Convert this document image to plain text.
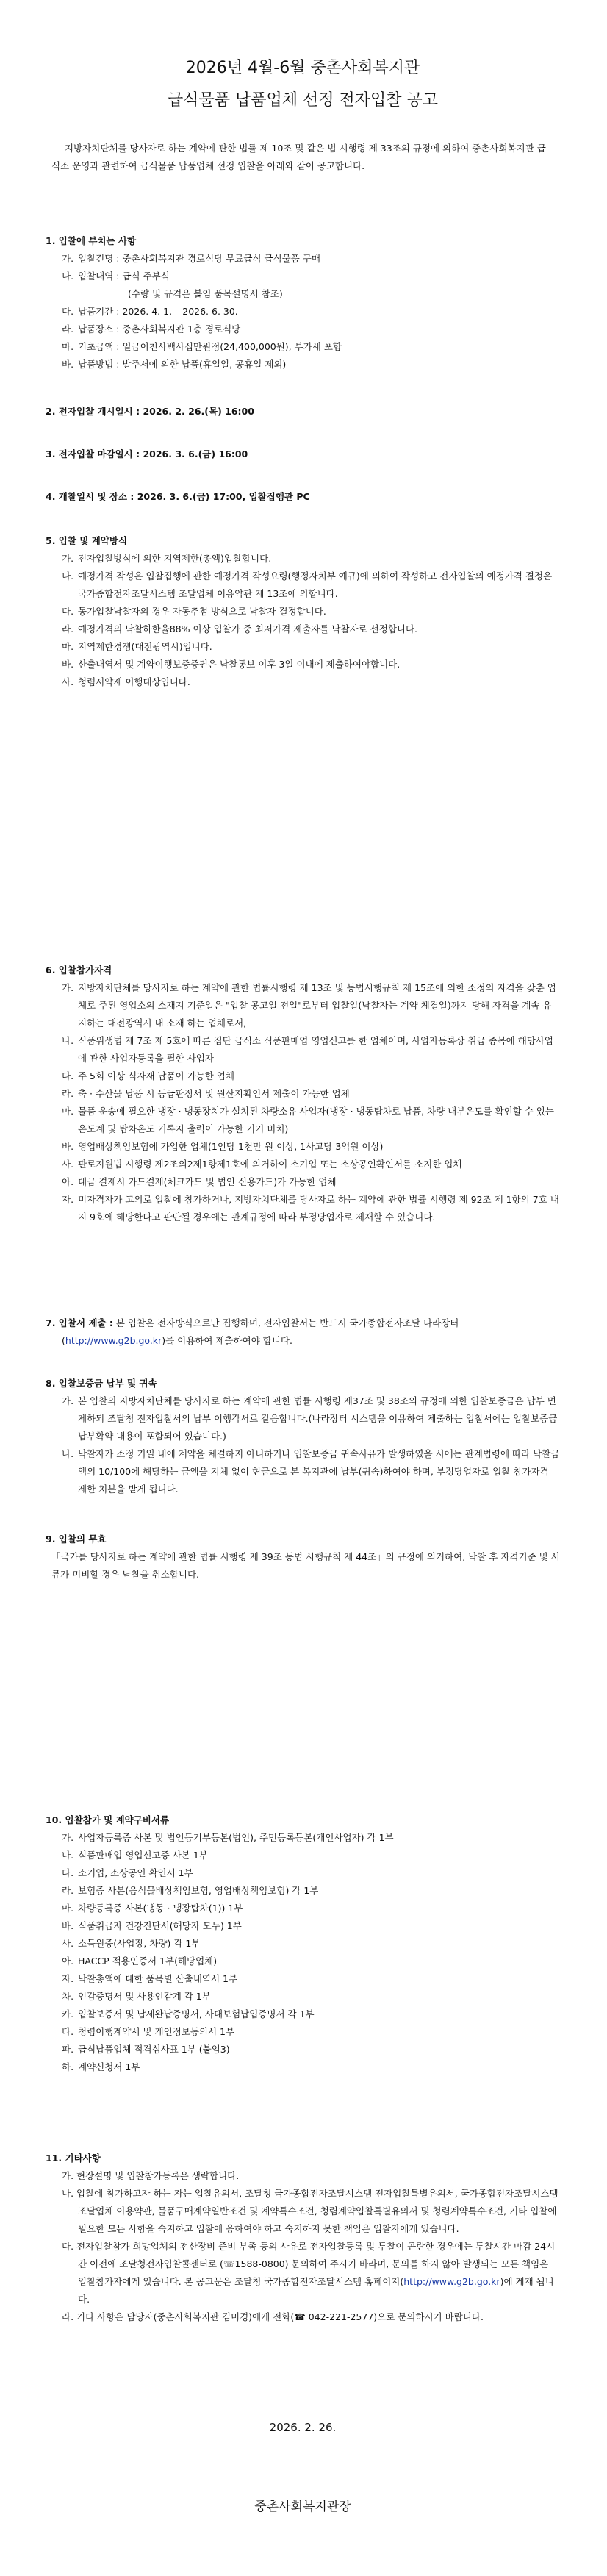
2026년 4월-6월 중촌사회복지관
급식물품 납품업체 선정 전자입찰 공고
지방자치단체를 당사자로 하는 계약에 관한 법률 제 10조 및 같은 법 시행령 제 33조의 규정에 의하여 중촌사회복지관 급식소 운영과 관련하여 급식물품 납품업체 선정 입찰을 아래와 같이 공고합니다.

1. 입찰에 부치는 사항

가. 입찰건명 : 중촌사회복지관 경로식당 무료급식 급식물품 구매

나. 입찰내역 : 급식 주부식

(수량 및 규격은 붙임 품목설명서 참조)

다. 납품기간 : 2026. 4. 1. – 2026. 6. 30.

라. 납품장소 : 중촌사회복지관 1층 경로식당

마. 기초금액 : 일금이천사백사십만원정(24,400,000원), 부가세 포함

바. 납품방법 : 발주서에 의한 납품(휴일일, 공휴일 제외)

2. 전자입찰 개시일시 : 2026. 2. 26.(목) 16:00

3. 전자입찰 마감일시 : 2026. 3. 6.(금) 16:00

4. 개찰일시 및 장소 : 2026. 3. 6.(금) 17:00, 입찰집행관 PC

5. 입찰 및 계약방식

가. 전자입찰방식에 의한 지역제한(총액)입찰합니다.

나. 예정가격 작성은 입찰집행에 관한 예정가격 작성요령(행정자치부 예규)에 의하여 작성하고 전자입찰의 예정가격 결정은 국가종합전자조달시스템 조달업체 이용약관 제 13조에 의합니다.

다. 동가입찰낙찰자의 경우 자동추첨 방식으로 낙찰자 결정합니다.

라. 예정가격의 낙찰하한율88% 이상 입찰가 중 최저가격 제출자를 낙찰자로 선정합니다.

마. 지역제한경쟁(대전광역시)입니다.

바. 산출내역서 및 계약이행보증증권은 낙찰통보 이후 3일 이내에 제출하여야합니다.

사. 청렴서약제 이행대상입니다.

6. 입찰참가자격

가. 지방자치단체를 당사자로 하는 계약에 관한 법률시행령 제 13조 및 동법시행규칙 제 15조에 의한 소정의 자격을 갖춘 업체로 주된 영업소의 소재지 기준일은 "입찰 공고일 전일"로부터 입찰일(낙찰자는 계약 체결일)까지 당해 자격을 계속 유지하는 대전광역시 내 소재 하는 업체로서,

나. 식품위생법 제 7조 제 5호에 따른 집단 급식소 식품판매업 영업신고를 한 업체이며, 사업자등록상 취급 종목에 해당사업에 관한 사업자등록을 필한 사업자

다. 주 5회 이상 식자재 납품이 가능한 업체

라. 축 · 수산물 납품 시 등급판정서 및 원산지확인서 제출이 가능한 업체

마. 물품 운송에 필요한 냉장 · 냉동장치가 설치된 차량소유 사업자(냉장 · 냉동탑차로 납품, 차량 내부온도를 확인할 수 있는 온도계 및 탑차온도 기록지 출력이 가능한 기기 비치)

바. 영업배상책임보험에 가입한 업체(1인당 1천만 원 이상, 1사고당 3억원 이상)

사. 판로지원법 시행령 제2조의2제1항제1호에 의거하여 소기업 또는 소상공인확인서를 소지한 업체

아. 대금 결제시 카드결제(체크카드 및 법인 신용카드)가 가능한 업체

자. 미자격자가 고의로 입찰에 참가하거나, 지방자치단체를 당사자로 하는 계약에 관한 법률 시행령 제 92조 제 1항의 7호 내지 9호에 해당한다고 판단될 경우에는 관계규정에 따라 부정당업자로 제재할 수 있습니다.

7. 입찰서 제출 : 본 입찰은 전자방식으로만 집행하며, 전자입찰서는 반드시 국가종합전자조달 나라장터(http://www.g2b.go.kr)를 이용하여 제출하여야 합니다.

8. 입찰보증금 납부 및 귀속

가. 본 입찰의 지방자치단체를 당사자로 하는 계약에 관한 법률 시행령 제37조 및 38조의 규정에 의한 입찰보증금은 납부 면제하되 조달청 전자입찰서의 납부 이행각서로 갈음합니다.(나라장터 시스템을 이용하여 제출하는 입찰서에는 입찰보증금 납부확약 내용이 포함되어 있습니다.)

나. 낙찰자가 소정 기일 내에 계약을 체결하지 아니하거나 입찰보증금 귀속사유가 발생하였을 시에는 관계법령에 따라 낙찰금액의 10/100에 해당하는 금액을 지체 없이 현금으로 본 복지관에 납부(귀속)하여야 하며, 부정당업자로 입찰 참가자격 제한 처분을 받게 됩니다.

9. 입찰의 무효

「국가를 당사자로 하는 계약에 관한 법률 시행령 제 39조 동법 시행규칙 제 44조」의 규정에 의거하여, 낙찰 후 자격기준 및 서류가 미비할 경우 낙찰을 취소합니다.

10. 입찰참가 및 계약구비서류

가. 사업자등록증 사본 및 법인등기부등본(법인), 주민등록등본(개인사업자) 각 1부

나. 식품판매업 영업신고증 사본 1부

다. 소기업, 소상공인 확인서 1부

라. 보험증 사본(음식물배상책임보험, 영업배상책임보험) 각 1부

마. 차량등록증 사본(냉동 · 냉장탑차(1)) 1부

바. 식품취급자 건강진단서(해당자 모두) 1부

사. 소득원증(사업장, 차량) 각 1부

아. HACCP 적용인증서 1부(해당업체)

자. 낙찰총액에 대한 품목별 산출내역서 1부

차. 인감증명서 및 사용인감계 각 1부

카. 입찰보증서 및 납세완납증명서, 사대보험납입증명서 각 1부

타. 청렴이행계약서 및 개인정보동의서 1부

파. 급식납품업체 적격심사표 1부 (붙임3)

하. 계약신청서 1부

11. 기타사항

가. 현장설명 및 입찰참가등록은 생략합니다.

나. 입찰에 참가하고자 하는 자는 입찰유의서, 조달청 국가종합전자조달시스템 전자입찰특별유의서, 국가종합전자조달시스템조달업체 이용약관, 물품구매계약일반조건 및 계약특수조건, 청렴계약입찰특별유의서 및 청렴계약특수조건, 기타 입찰에 필요한 모든 사항을 숙지하고 입찰에 응하여야 하고 숙지하지 못한 책임은 입찰자에게 있습니다.

다. 전자입찰참가 희망업체의 전산장비 준비 부족 등의 사유로 전자입찰등록 및 투찰이 곤란한 경우에는 투찰시간 마감 24시간 이전에 조달청전자입찰콜센터로 (☏1588-0800) 문의하여 주시기 바라며, 문의를 하지 않아 발생되는 모든 책임은 입찰참가자에게 있습니다. 본 공고문은 조달청 국가종합전자조달시스템 홈페이지(http://www.g2b.go.kr)에 게재 됩니다.

라. 기타 사항은 담당자(중촌사회복지관 김미경)에게 전화(☎ 042-221-2577)으로 문의하시기 바랍니다.

2026. 2. 26.
중촌사회복지관장
